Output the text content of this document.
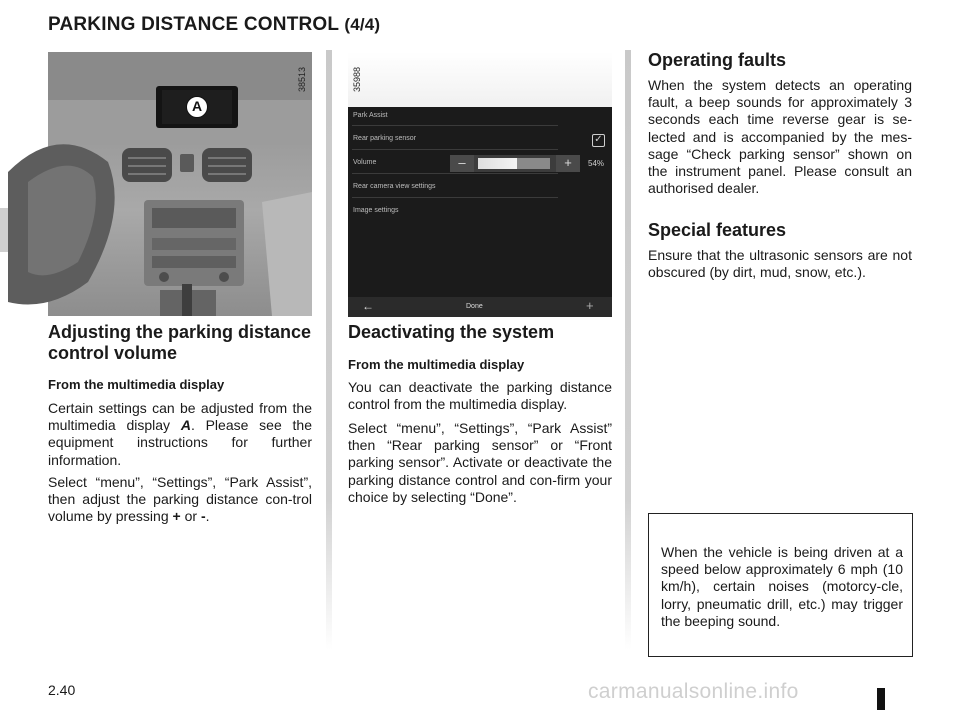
PARKING DISTANCE CONTROL (4/4)
A
38513	35988
Park Assist
Rear parking sensor
Volume
Rear camera view settings
Image settings
✓
–	+	54%
←	Done	+
Adjusting the parking distance control volume
From the multimedia display
Certain settings can be adjusted from the multimedia display A. Please see the equipment instructions for further information.
Select “menu”, “Settings”, “Park Assist”, then adjust the parking distance con-trol volume by pressing + or -.
Deactivating the system
From the multimedia display
You can deactivate the parking distance control from the multimedia display.
Select “menu”, “Settings”, “Park Assist” then “Rear parking sensor” or “Front parking sensor”. Activate or deactivate the parking distance control and con-firm your choice by selecting “Done”.
Operating faults
When the system detects an operating fault, a beep sounds for approximately 3 seconds each time reverse gear is se-lected and is accompanied by the mes-sage “Check parking sensor” shown on the instrument panel. Please consult an authorised dealer.
Special features
Ensure that the ultrasonic sensors are not obscured (by dirt, mud, snow, etc.).
When the vehicle is being driven at a speed below approximately 6 mph (10 km/h), certain noises (motorcy-cle, lorry, pneumatic drill, etc.) may trigger the beeping sound.
2.40	carmanualsonline.info
